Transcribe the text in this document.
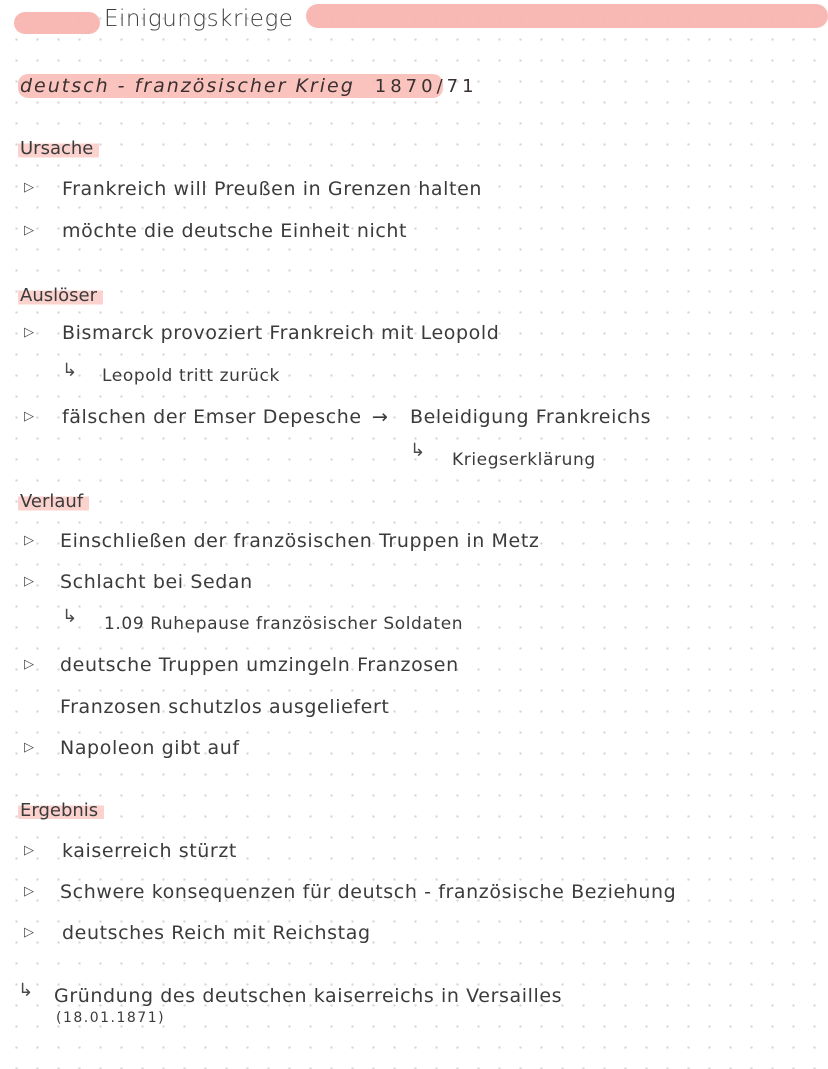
Einigungskriege
deutsch - französischer Krieg 1870/71
Ursache
▷ Frankreich will Preußen in Grenzen halten
▷ möchte die deutsche Einheit nicht
Auslöser
▷ Bismarck provoziert Frankreich mit Leopold
↳ Leopold tritt zurück
▷ fälschen der Emser Depesche → Beleidigung Frankreichs
↳ Kriegserklärung
Verlauf
▷ Einschließen der französischen Truppen in Metz
▷ Schlacht bei Sedan
↳ 1.09 Ruhepause französischer Soldaten
▷ deutsche Truppen umzingeln Franzosen
Franzosen schutzlos ausgeliefert
▷ Napoleon gibt auf
Ergebnis
▷ kaiserreich stürzt
▷ Schwere konsequenzen für deutsch - französische Beziehung
▷ deutsches Reich mit Reichstag
↳ Gründung des deutschen kaiserreichs in Versailles
(18.01.1871)
